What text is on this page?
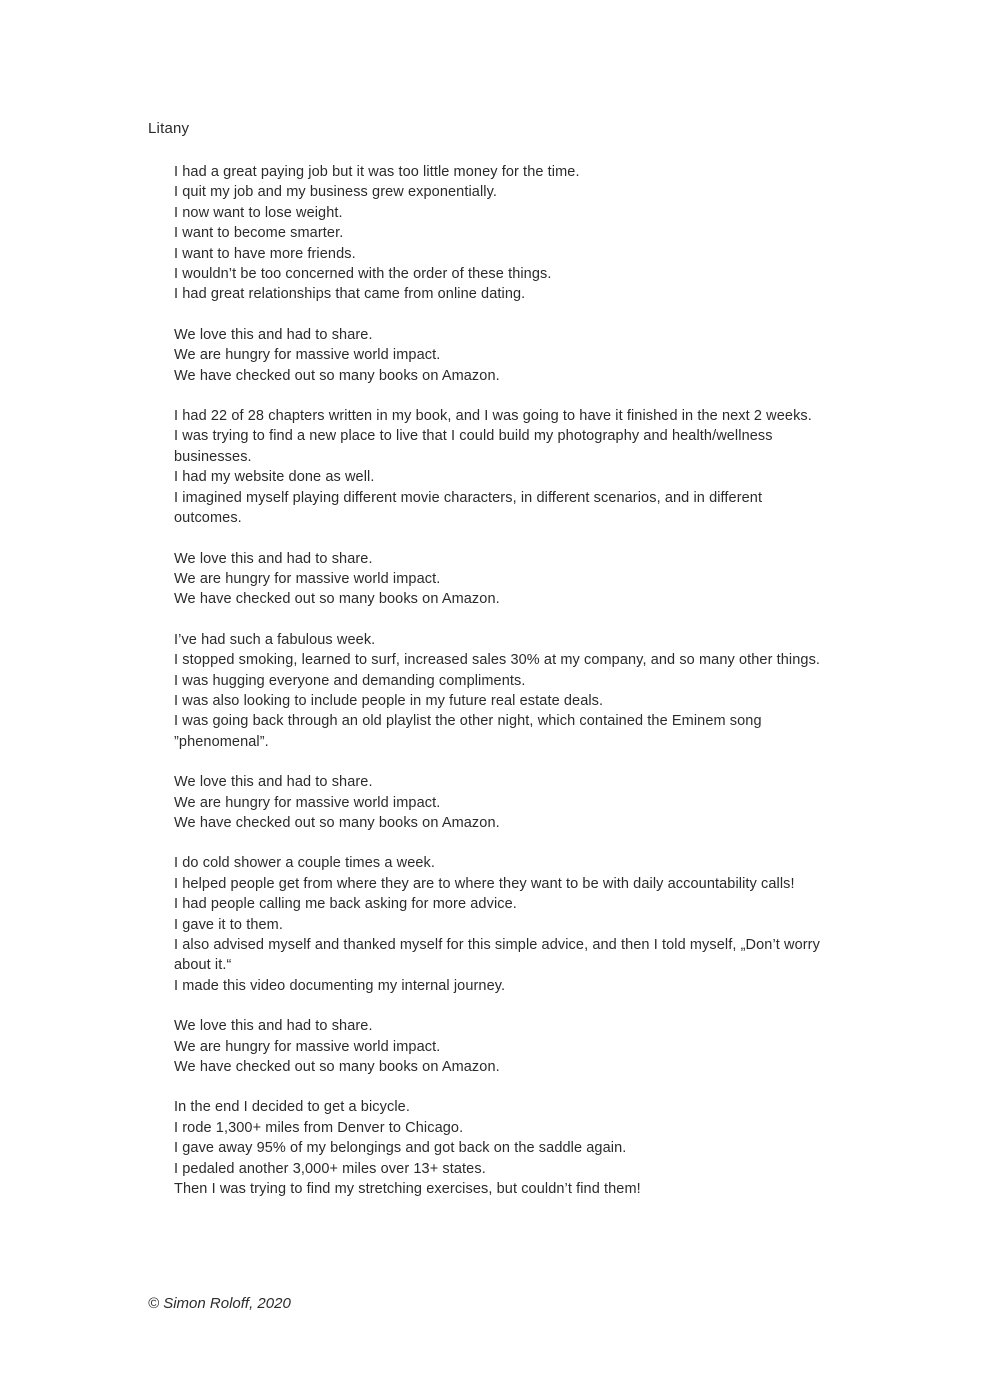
Litany

I had a great paying job but it was too little money for the time.
I quit my job and my business grew exponentially.
I now want to lose weight.
I want to become smarter.
I want to have more friends.
I wouldn’t be too concerned with the order of these things.
I had great relationships that came from online dating.

We love this and had to share.
We are hungry for massive world impact.
We have checked out so many books on Amazon.

I had 22 of 28 chapters written in my book, and I was going to have it finished in the next 2 weeks.
I was trying to find a new place to live that I could build my photography and health/wellness
businesses.
I had my website done as well.
I imagined myself playing different movie characters, in different scenarios, and in different
outcomes.

We love this and had to share.
We are hungry for massive world impact.
We have checked out so many books on Amazon.

I’ve had such a fabulous week.
I stopped smoking, learned to surf, increased sales 30% at my company, and so many other things.
I was hugging everyone and demanding compliments.
I was also looking to include people in my future real estate deals.
I was going back through an old playlist the other night, which contained the Eminem song
”phenomenal”.

We love this and had to share.
We are hungry for massive world impact.
We have checked out so many books on Amazon.

I do cold shower a couple times a week.
I helped people get from where they are to where they want to be with daily accountability calls!
I had people calling me back asking for more advice.
I gave it to them.
I also advised myself and thanked myself for this simple advice, and then I told myself, „Don’t worry
about it.“
I made this video documenting my internal journey.

We love this and had to share.
We are hungry for massive world impact.
We have checked out so many books on Amazon.

In the end I decided to get a bicycle.
I rode 1,300+ miles from Denver to Chicago.
I gave away 95% of my belongings and got back on the saddle again.
I pedaled another 3,000+ miles over 13+ states.
Then I was trying to find my stretching exercises, but couldn’t find them!

© Simon Roloff, 2020
